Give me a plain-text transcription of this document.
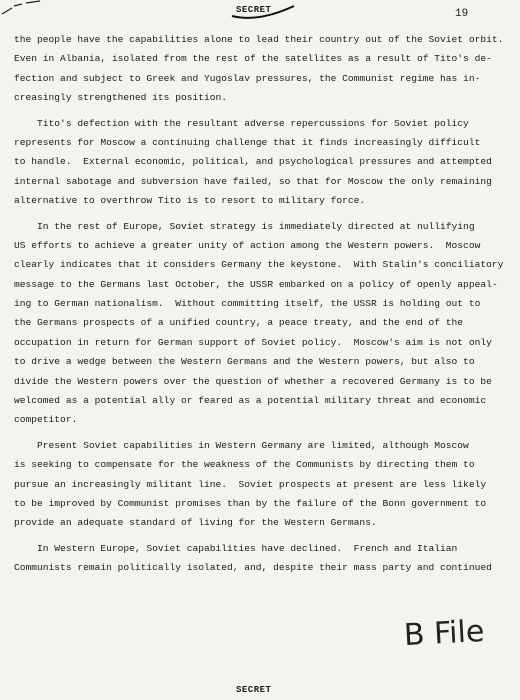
SECRET	19
the people have the capabilities alone to lead their country out of the Soviet orbit.
Even in Albania, isolated from the rest of the satellites as a result of Tito's de-
fection and subject to Greek and Yugoslav pressures, the Communist regime has in-
creasingly strengthened its position.
Tito's defection with the resultant adverse repercussions for Soviet policy
represents for Moscow a continuing challenge that it finds increasingly difficult
to handle.  External economic, political, and psychological pressures and attempted
internal sabotage and subversion have failed, so that for Moscow the only remaining
alternative to overthrow Tito is to resort to military force.
In the rest of Europe, Soviet strategy is immediately directed at nullifying
US efforts to achieve a greater unity of action among the Western powers.  Moscow
clearly indicates that it considers Germany the keystone.  With Stalin's conciliatory
message to the Germans last October, the USSR embarked on a policy of openly appeal-
ing to German nationalism.  Without committing itself, the USSR is holding out to
the Germans prospects of a unified country, a peace treaty, and the end of the
occupation in return for German support of Soviet policy.  Moscow's aim is not only
to drive a wedge between the Western Germans and the Western powers, but also to
divide the Western powers over the question of whether a recovered Germany is to be
welcomed as a potential ally or feared as a potential military threat and economic
competitor.
Present Soviet capabilities in Western Germany are limited, although Moscow
is seeking to compensate for the weakness of the Communists by directing them to
pursue an increasingly militant line.  Soviet prospects at present are less likely
to be improved by Communist promises than by the failure of the Bonn government to
provide an adequate standard of living for the Western Germans.
In Western Europe, Soviet capabilities have declined.  French and Italian
Communists remain politically isolated, and, despite their mass party and continued
B File
SECRET
